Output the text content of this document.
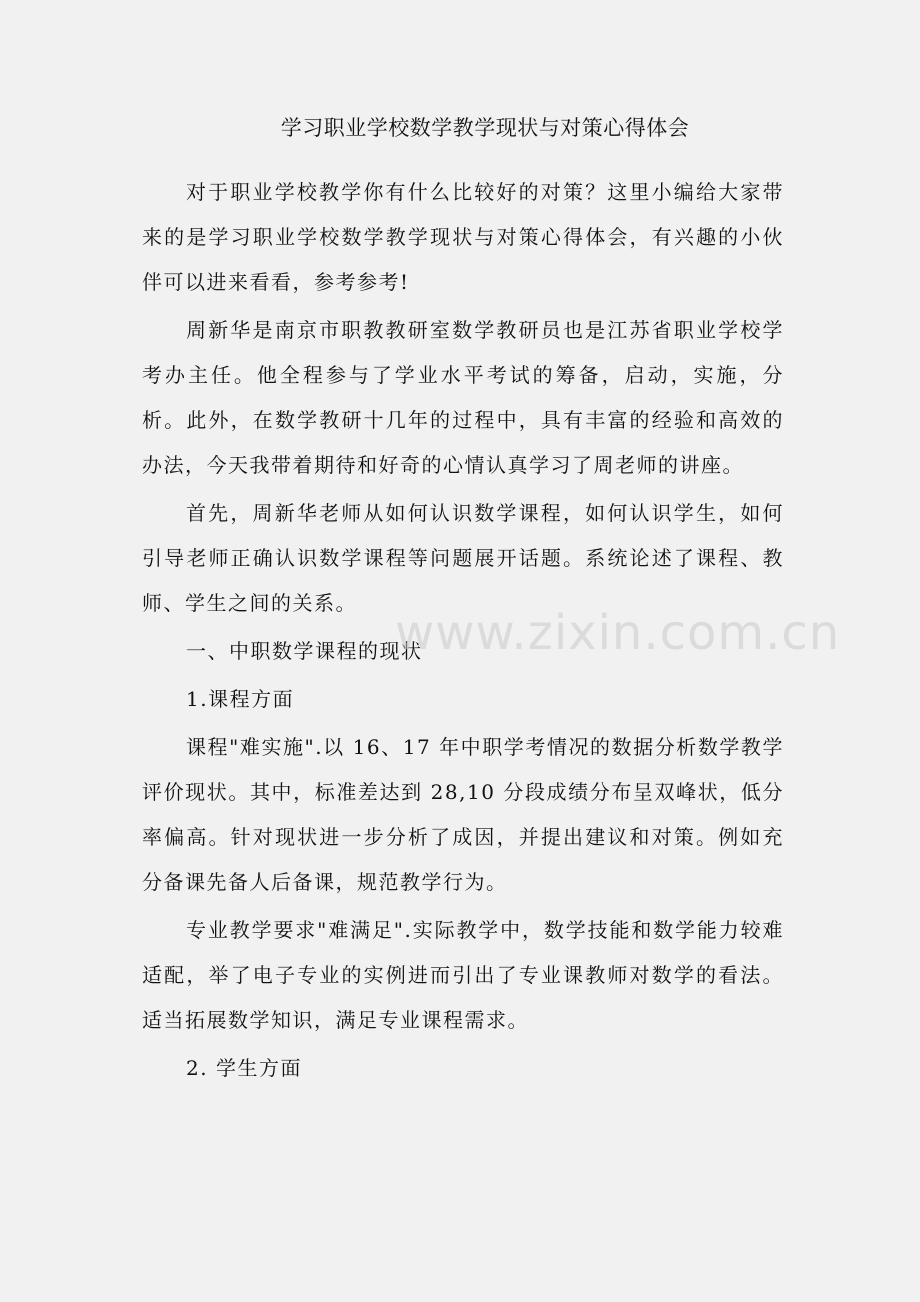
学习职业学校数学教学现状与对策心得体会

对于职业学校教学你有什么比较好的对策？这里小编给大家带来的是学习职业学校数学教学现状与对策心得体会，有兴趣的小伙伴可以进来看看，参考参考!

周新华是南京市职教教研室数学教研员也是江苏省职业学校学考办主任。他全程参与了学业水平考试的筹备，启动，实施，分析。此外，在数学教研十几年的过程中，具有丰富的经验和高效的办法，今天我带着期待和好奇的心情认真学习了周老师的讲座。

首先，周新华老师从如何认识数学课程，如何认识学生，如何引导老师正确认识数学课程等问题展开话题。系统论述了课程、教师、学生之间的关系。

一、中职数学课程的现状

1.课程方面

课程"难实施".以 16、17 年中职学考情况的数据分析数学教学评价现状。其中，标准差达到 28,10 分段成绩分布呈双峰状，低分率偏高。针对现状进一步分析了成因，并提出建议和对策。例如充分备课先备人后备课，规范教学行为。

专业教学要求"难满足".实际教学中，数学技能和数学能力较难适配，举了电子专业的实例进而引出了专业课教师对数学的看法。适当拓展数学知识，满足专业课程需求。

2. 学生方面

www.zixin.com.cn
